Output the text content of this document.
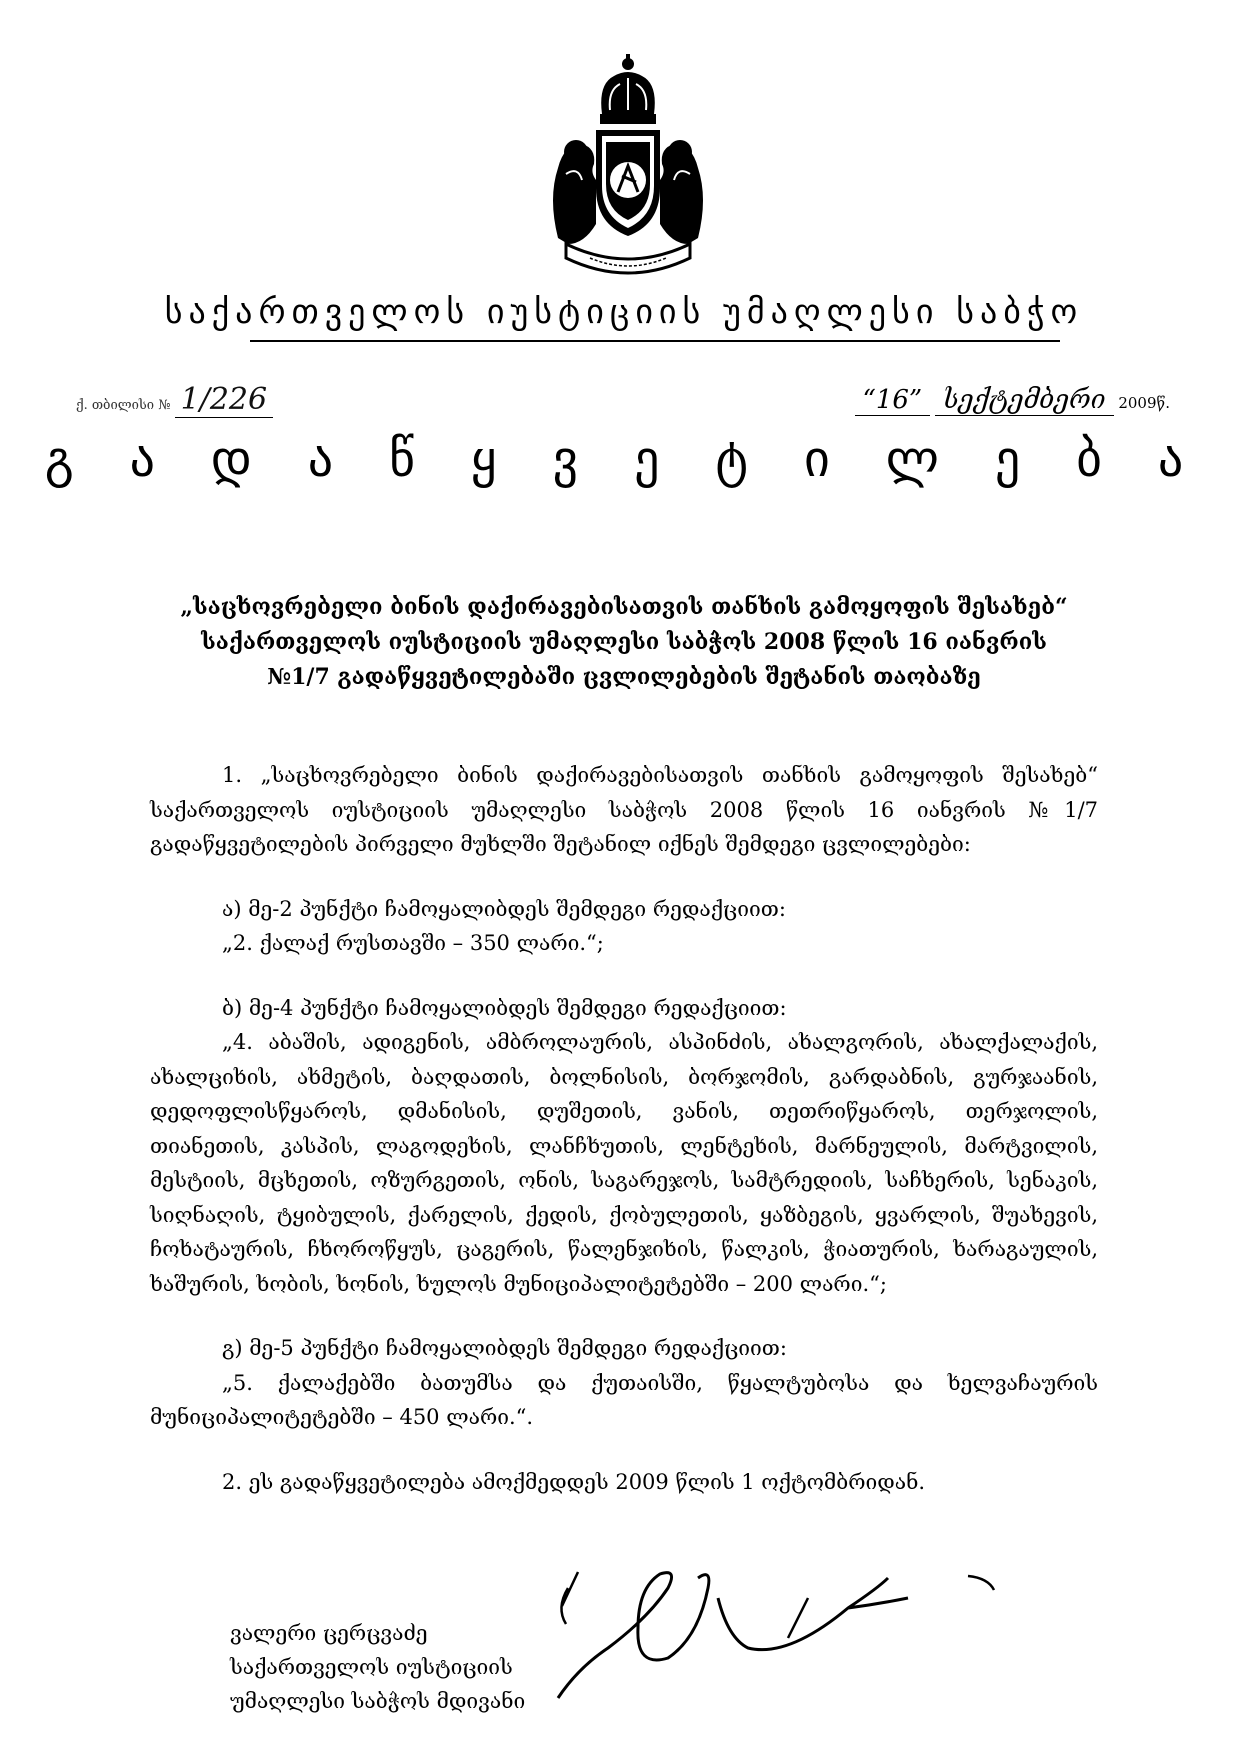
საქართველოს იუსტიციის უმაღლესი საბჭო
ქ. თბილისი № 1/226	“16” სექტემბერი 2009წ.
გ ა დ ა წ ყ ვ ე ტ ი ლ ე ბ ა
„საცხოვრებელი ბინის დაქირავებისათვის თანხის გამოყოფის შესახებ“
საქართველოს იუსტიციის უმაღლესი საბჭოს 2008 წლის 16 იანვრის
№1/7 გადაწყვეტილებაში ცვლილებების შეტანის თაობაზე

1. „საცხოვრებელი ბინის დაქირავებისათვის თანხის გამოყოფის შესახებ“ საქართველოს იუსტიციის უმაღლესი საბჭოს 2008 წლის 16 იანვრის №1/7 გადაწყვეტილების პირველი მუხლში შეტანილ იქნეს შემდეგი ცვლილებები:

ა) მე-2 პუნქტი ჩამოყალიბდეს შემდეგი რედაქციით:

„2. ქალაქ რუსთავში – 350 ლარი.“;

ბ) მე-4 პუნქტი ჩამოყალიბდეს შემდეგი რედაქციით:

„4. აბაშის, ადიგენის, ამბროლაურის, ასპინძის, ახალგორის, ახალქალაქის, ახალციხის, ახმეტის, ბაღდათის, ბოლნისის, ბორჯომის, გარდაბნის, გურჯაანის, დედოფლისწყაროს, დმანისის, დუშეთის, ვანის, თეთრიწყაროს, თერჯოლის, თიანეთის, კასპის, ლაგოდეხის, ლანჩხუთის, ლენტეხის, მარნეულის, მარტვილის, მესტიის, მცხეთის, ოზურგეთის, ონის, საგარეჯოს, სამტრედიის, საჩხერის, სენაკის, სიღნაღის, ტყიბულის, ქარელის, ქედის, ქობულეთის, ყაზბეგის, ყვარლის, შუახევის, ჩოხატაურის, ჩხოროწყუს, ცაგერის, წალენჯიხის, წალკის, ჭიათურის, ხარაგაულის, ხაშურის, ხობის, ხონის, ხულოს მუნიციპალიტეტებში – 200 ლარი.“;

გ) მე-5 პუნქტი ჩამოყალიბდეს შემდეგი რედაქციით:

„5. ქალაქებში ბათუმსა და ქუთაისში, წყალტუბოსა და ხელვაჩაურის მუნიციპალიტეტებში – 450 ლარი.“.

2. ეს გადაწყვეტილება ამოქმედდეს 2009 წლის 1 ოქტომბრიდან.

ვალერი ცერცვაძე
საქართველოს იუსტიციის
უმაღლესი საბჭოს მდივანი
